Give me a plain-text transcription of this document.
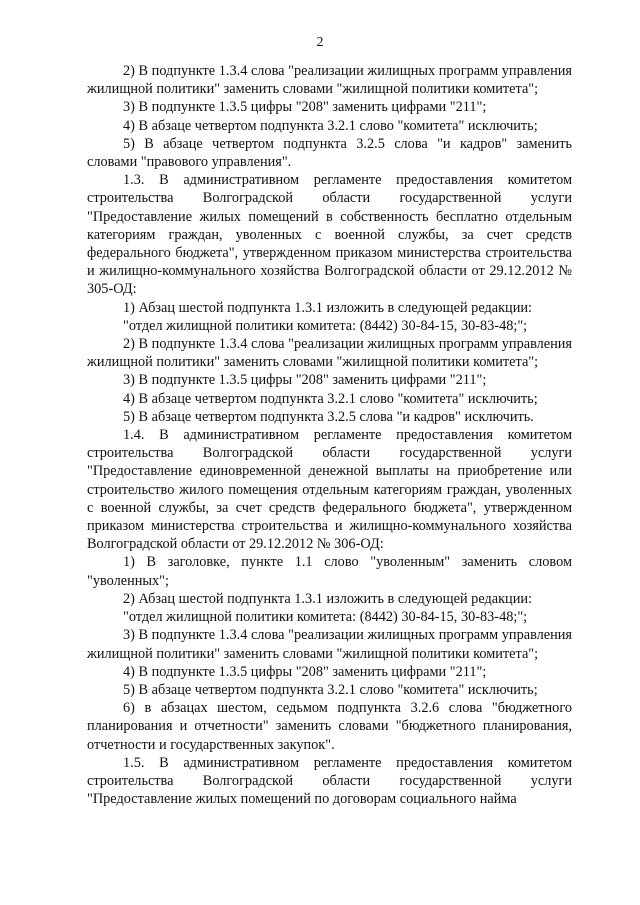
2

2) В подпункте 1.3.4 слова "реализации жилищных программ управления жилищной политики" заменить словами "жилищной политики комитета";

3) В подпункте 1.3.5 цифры "208" заменить цифрами "211";

4) В абзаце четвертом подпункта 3.2.1 слово "комитета" исключить;

5) В абзаце четвертом подпункта 3.2.5 слова "и кадров" заменить словами "правового управления".

1.3. В административном регламенте предоставления комитетом строительства Волгоградской области государственной услуги "Предоставление жилых помещений в собственность бесплатно отдельным категориям граждан, уволенных с военной службы, за счет средств федерального бюджета", утвержденном приказом министерства строительства и жилищно-коммунального хозяйства Волгоградской области от 29.12.2012 № 305-ОД:

1) Абзац шестой подпункта 1.3.1 изложить в следующей редакции:

"отдел жилищной политики комитета: (8442) 30-84-15, 30-83-48;";

2) В подпункте 1.3.4 слова "реализации жилищных программ управления жилищной политики" заменить словами "жилищной политики комитета";

3) В подпункте 1.3.5 цифры "208" заменить цифрами "211";

4) В абзаце четвертом подпункта 3.2.1 слово "комитета" исключить;

5) В абзаце четвертом подпункта 3.2.5 слова "и кадров" исключить.

1.4. В административном регламенте предоставления комитетом строительства Волгоградской области государственной услуги "Предоставление единовременной денежной выплаты на приобретение или строительство жилого помещения отдельным категориям граждан, уволенных с военной службы, за счет средств федерального бюджета", утвержденном приказом министерства строительства и жилищно-коммунального хозяйства Волгоградской области от 29.12.2012 № 306-ОД:

1) В заголовке, пункте 1.1 слово "уволенным" заменить словом "уволенных";

2) Абзац шестой подпункта 1.3.1 изложить в следующей редакции:

"отдел жилищной политики комитета: (8442) 30-84-15, 30-83-48;";

3) В подпункте 1.3.4 слова "реализации жилищных программ управления жилищной политики" заменить словами "жилищной политики комитета";

4) В подпункте 1.3.5 цифры "208" заменить цифрами "211";

5) В абзаце четвертом подпункта 3.2.1 слово "комитета" исключить;

6) в абзацах шестом, седьмом подпункта 3.2.6 слова "бюджетного планирования и отчетности" заменить словами "бюджетного планирования, отчетности и государственных закупок".

1.5. В административном регламенте предоставления комитетом строительства Волгоградской области государственной услуги "Предоставление жилых помещений по договорам социального найма
